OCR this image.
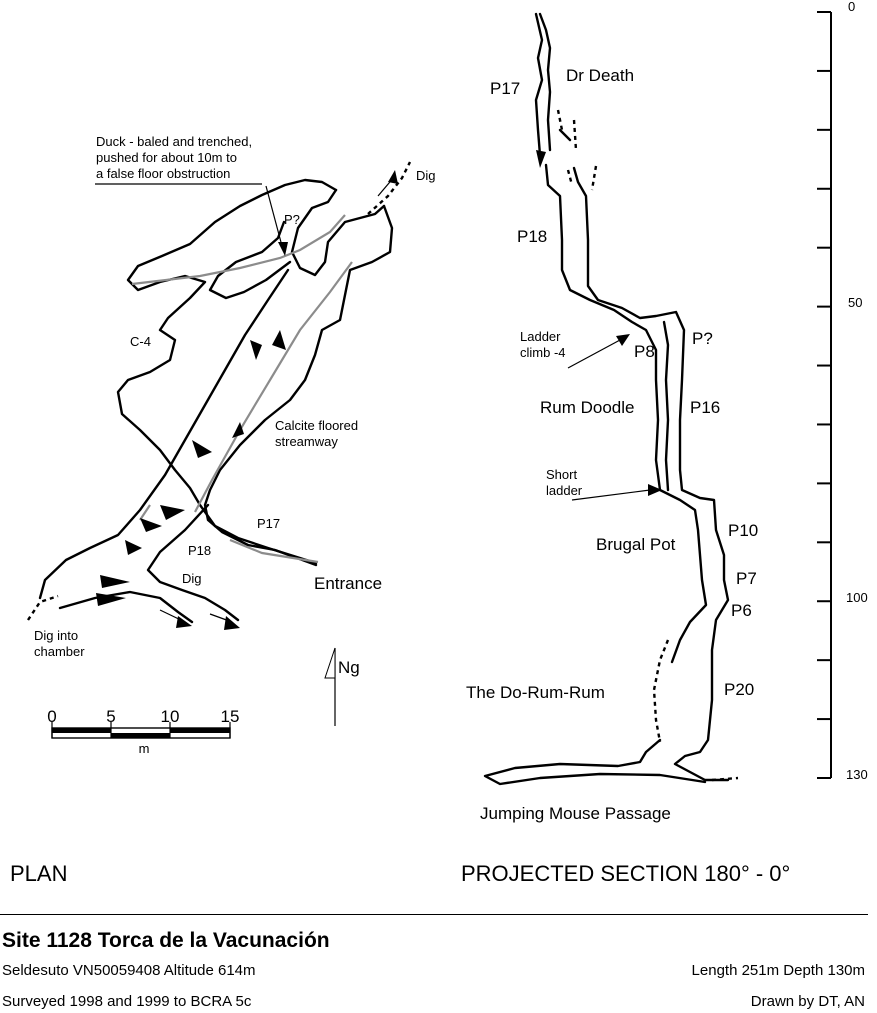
Ng
0	5	10 15
m
Duck - baled and trenched,
pushed for about 10m to
a false floor obstruction	Dig
P?
C-4
Calcite floored
streamway
P17
P18
Dig	Entrance
Dig into
chamber
PLAN
Dr Death
P17
P18
Ladder
climb -4	P8
P?
Rum Doodle	P16
Short
ladder
P10
Brugal Pot
P7
P6
The Do-Rum-Rum	P20
Jumping Mouse Passage
PROJECTED SECTION 180° - 0°
0
50
100
130
Site 1128 Torca de la Vacunación
Seldesuto VN50059408 Altitude 614m	Length 251m Depth 130m
Surveyed 1998 and 1999 to BCRA 5c	Drawn by DT, AN
